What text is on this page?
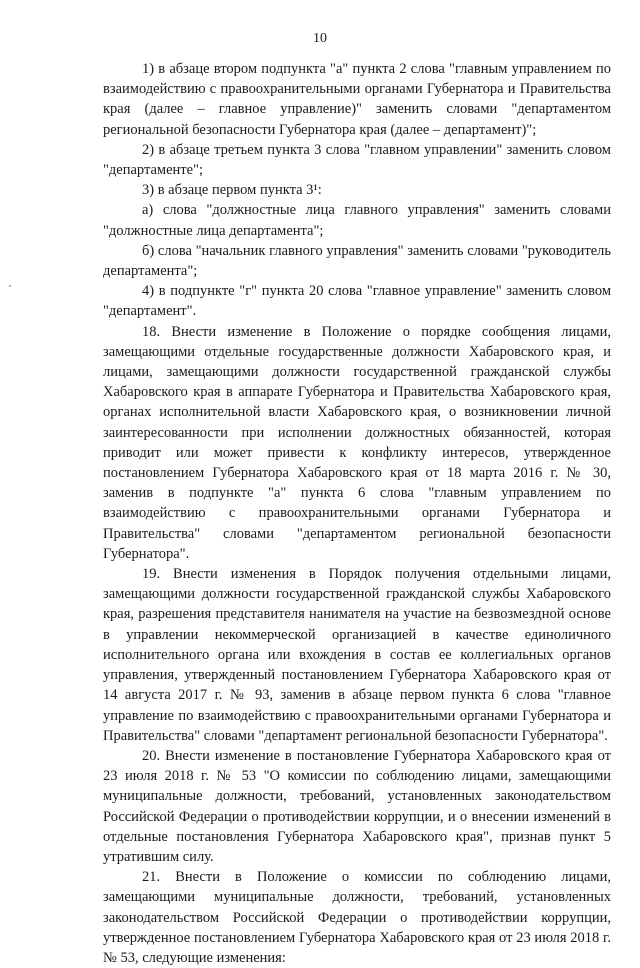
10

1) в абзаце втором подпункта "а" пункта 2 слова "главным управлением по взаимодействию с правоохранительными органами Губернатора и Правительства края (далее – главное управление)" заменить словами "департаментом региональной безопасности Губернатора края (далее – департамент)";

2) в абзаце третьем пункта 3 слова "главном управлении" заменить словом "департаменте";

3) в абзаце первом пункта 3¹:

а) слова "должностные лица главного управления" заменить словами "должностные лица департамента";

б) слова "начальник главного управления" заменить словами "руководитель департамента";

4) в подпункте "г" пункта 20 слова "главное управление" заменить словом "департамент".

18. Внести изменение в Положение о порядке сообщения лицами, замещающими отдельные государственные должности Хабаровского края, и лицами, замещающими должности государственной гражданской службы Хабаровского края в аппарате Губернатора и Правительства Хабаровского края, органах исполнительной власти Хабаровского края, о возникновении личной заинтересованности при исполнении должностных обязанностей, которая приводит или может привести к конфликту интересов, утвержденное постановлением Губернатора Хабаровского края от 18 марта 2016 г. № 30, заменив в подпункте "а" пункта 6 слова "главным управлением по взаимодействию с правоохранительными органами Губернатора и Правительства" словами "департаментом региональной безопасности Губернатора".

19. Внести изменения в Порядок получения отдельными лицами, замещающими должности государственной гражданской службы Хабаровского края, разрешения представителя нанимателя на участие на безвозмездной основе в управлении некоммерческой организацией в качестве единоличного исполнительного органа или вхождения в состав ее коллегиальных органов управления, утвержденный постановлением Губернатора Хабаровского края от 14 августа 2017 г. № 93, заменив в абзаце первом пункта 6 слова "главное управление по взаимодействию с правоохранительными органами Губернатора и Правительства" словами "департамент региональной безопасности Губернатора".

20. Внести изменение в постановление Губернатора Хабаровского края от 23 июля 2018 г. № 53 "О комиссии по соблюдению лицами, замещающими муниципальные должности, требований, установленных законодательством Российской Федерации о противодействии коррупции, и о внесении изменений в отдельные постановления Губернатора Хабаровского края", признав пункт 5 утратившим силу.

21. Внести в Положение о комиссии по соблюдению лицами, замещающими муниципальные должности, требований, установленных законодательством Российской Федерации о противодействии коррупции, утвержденное постановлением Губернатора Хабаровского края от 23 июля 2018 г. № 53, следующие изменения:
